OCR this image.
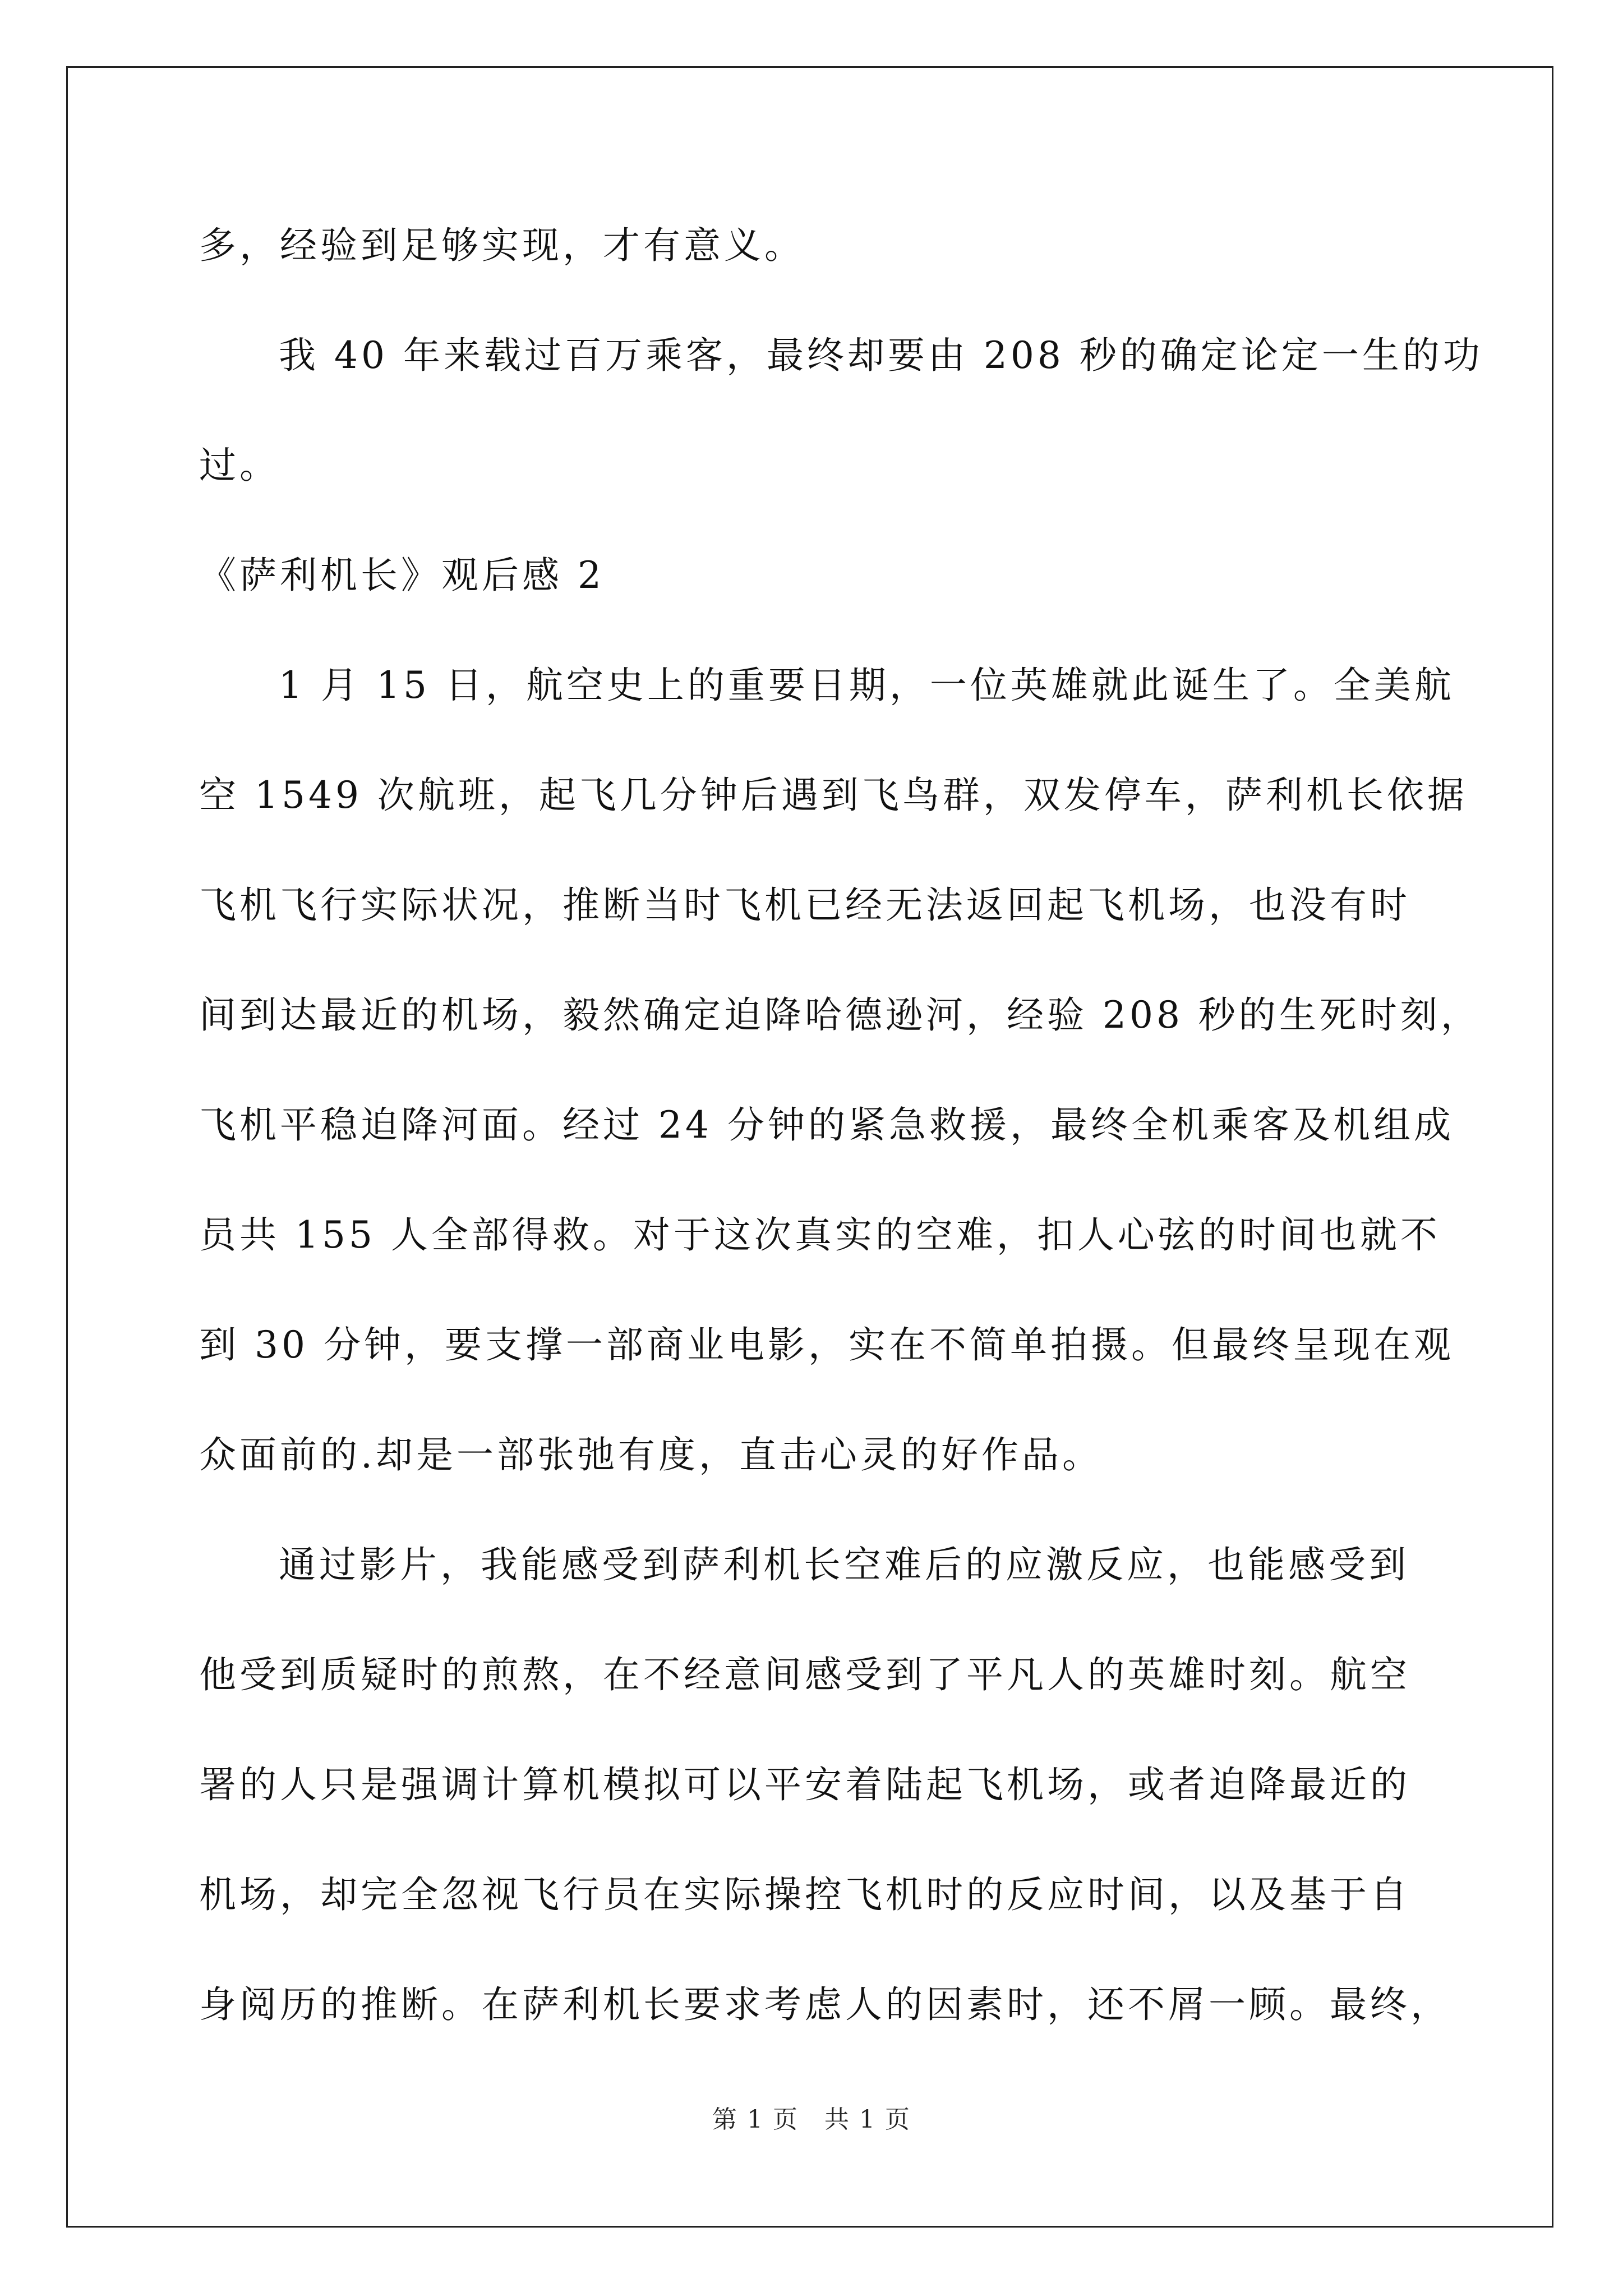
多，经验到足够实现，才有意义。
我 40 年来载过百万乘客，最终却要由 208 秒的确定论定一生的功
过。
《萨利机长》观后感 2
1 月 15 日，航空史上的重要日期，一位英雄就此诞生了。全美航
空 1549 次航班，起飞几分钟后遇到飞鸟群，双发停车，萨利机长依据
飞机飞行实际状况，推断当时飞机已经无法返回起飞机场，也没有时
间到达最近的机场，毅然确定迫降哈德逊河，经验 208 秒的生死时刻，
飞机平稳迫降河面。经过 24 分钟的紧急救援，最终全机乘客及机组成
员共 155 人全部得救。对于这次真实的空难，扣人心弦的时间也就不
到 30 分钟，要支撑一部商业电影，实在不简单拍摄。但最终呈现在观
众面前的.却是一部张弛有度，直击心灵的好作品。
通过影片，我能感受到萨利机长空难后的应激反应，也能感受到
他受到质疑时的煎熬，在不经意间感受到了平凡人的英雄时刻。航空
署的人只是强调计算机模拟可以平安着陆起飞机场，或者迫降最近的
机场，却完全忽视飞行员在实际操控飞机时的反应时间，以及基于自
身阅历的推断。在萨利机长要求考虑人的因素时，还不屑一顾。最终，
第 1 页　共 1 页
